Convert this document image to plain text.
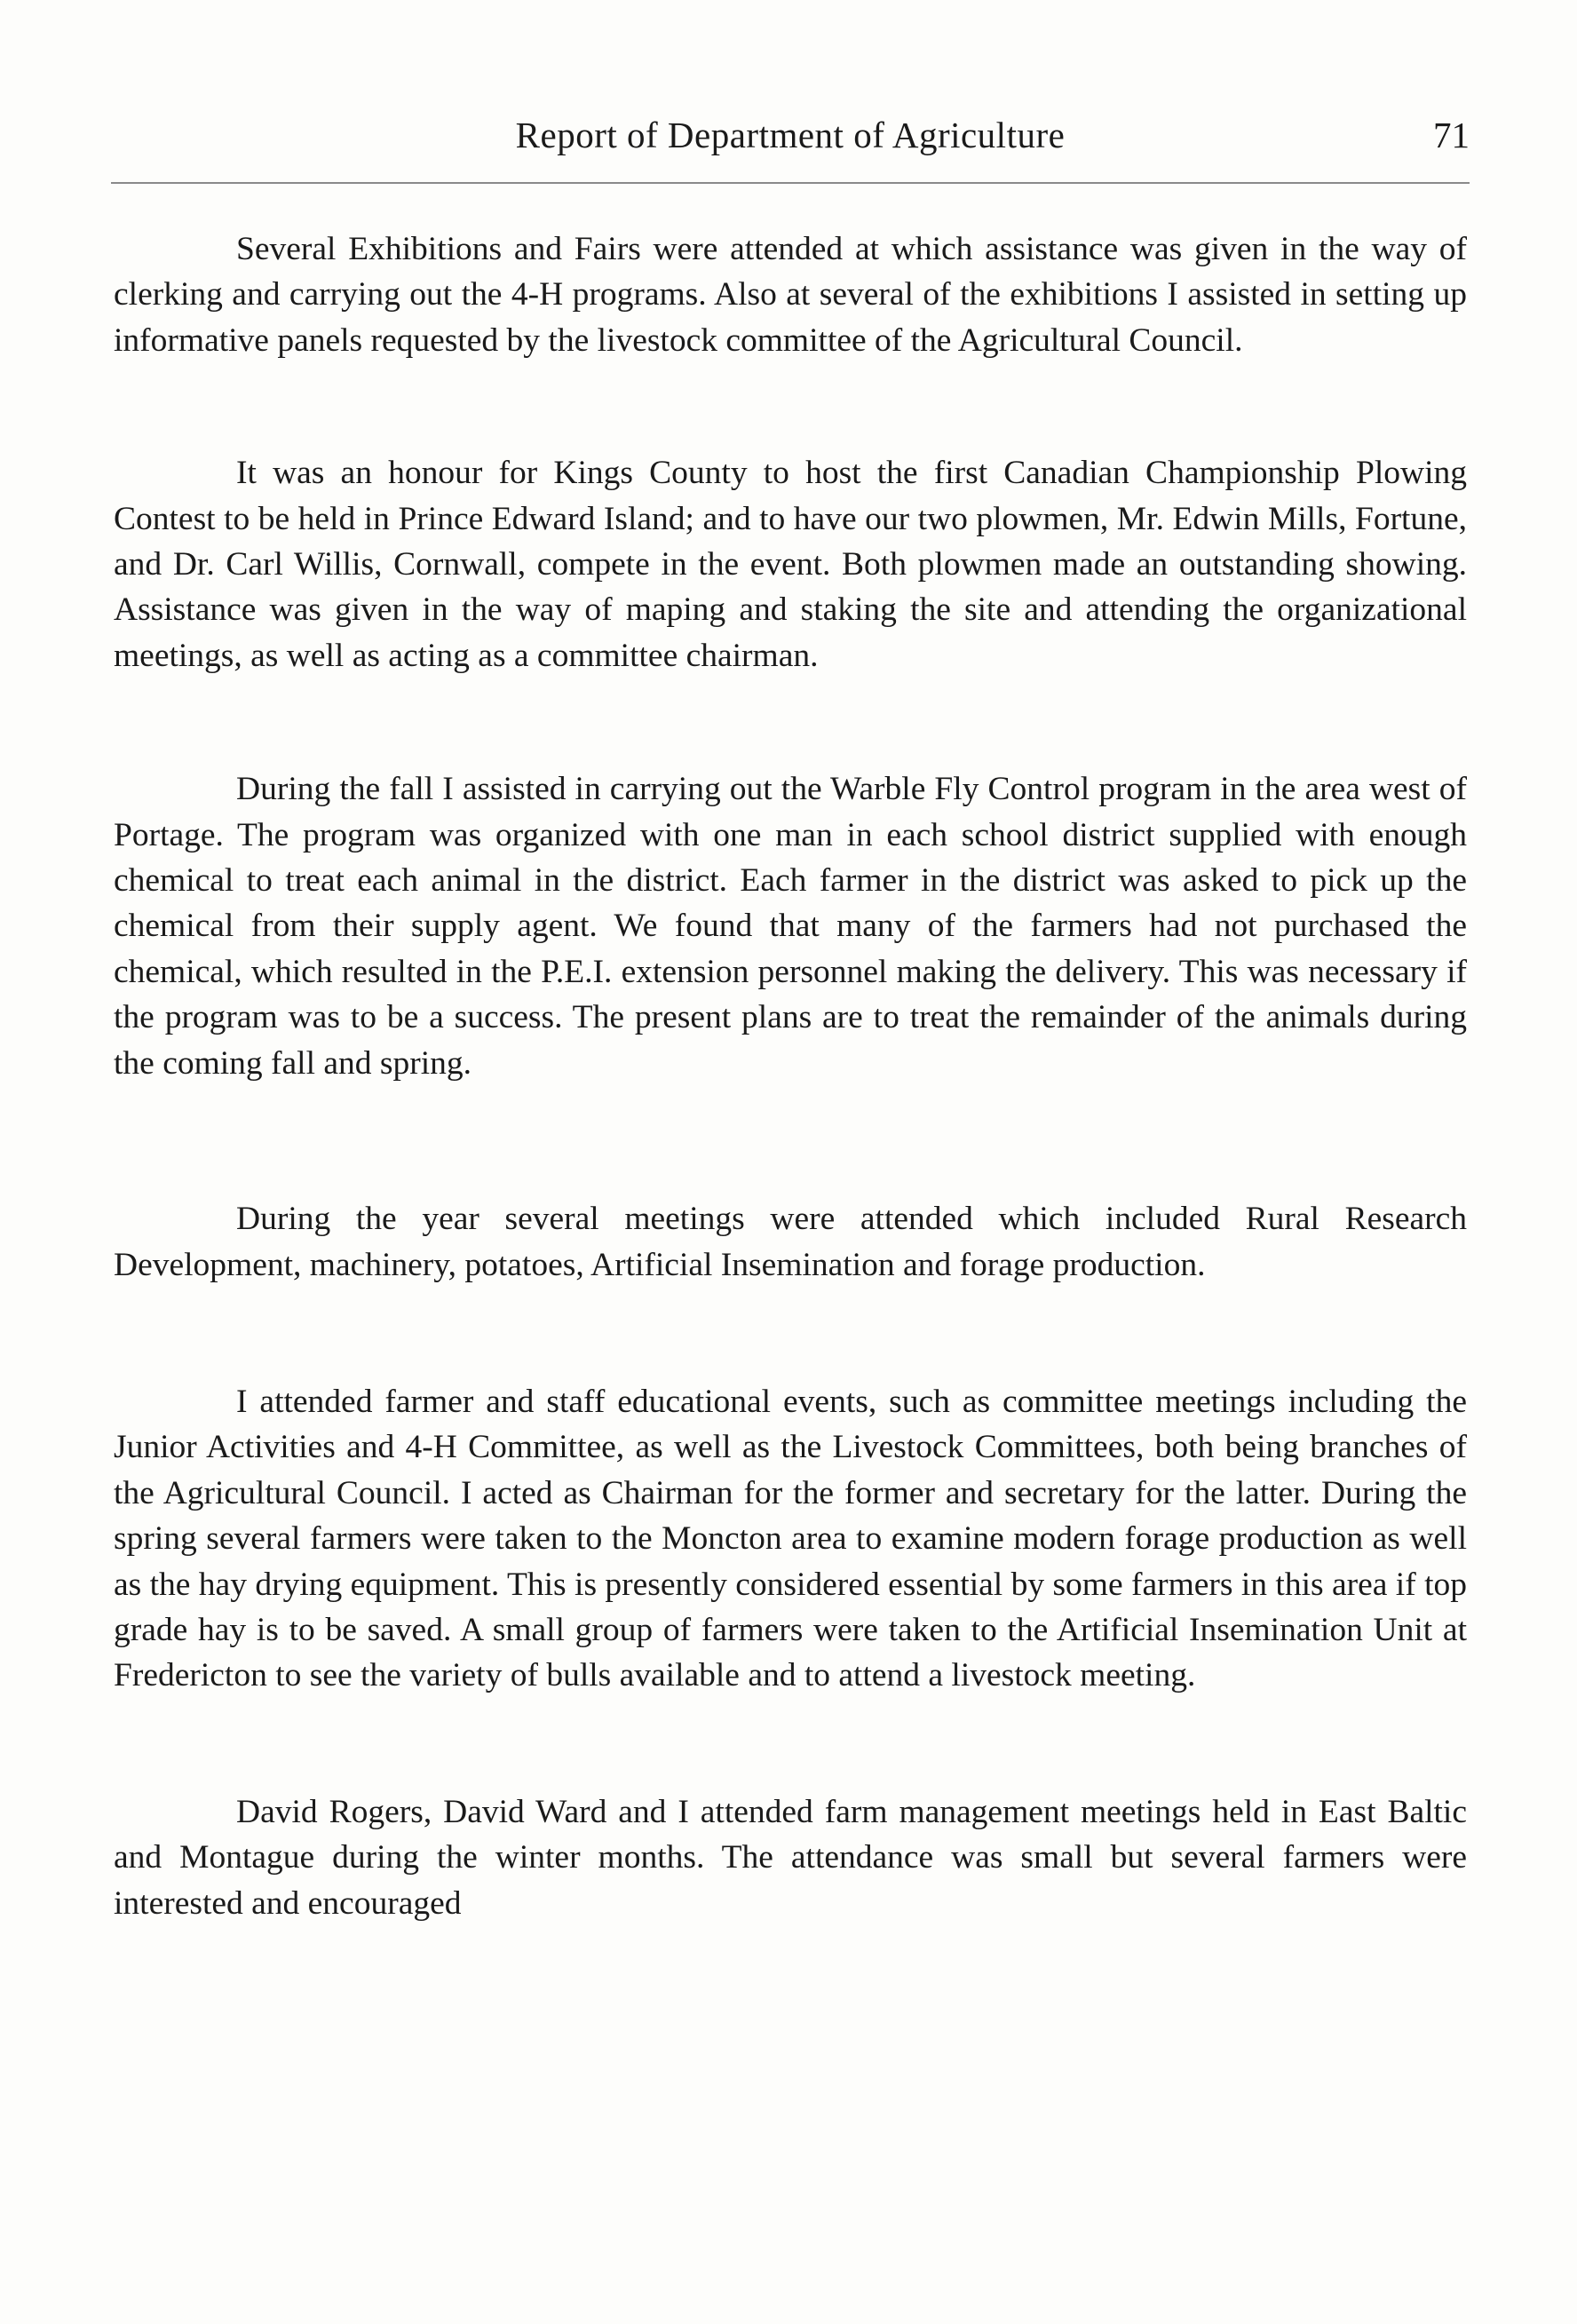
Report of Department of Agriculture	71

Several Exhibitions and Fairs were attended at which assistance was given in the way of clerking and carrying out the 4-H programs. Also at several of the exhibitions I assisted in setting up informative panels requested by the livestock committee of the Agricultural Council.

It was an honour for Kings County to host the first Canadian Championship Plowing Contest to be held in Prince Edward Island; and to have our two plowmen, Mr. Edwin Mills, Fortune, and Dr. Carl Willis, Cornwall, compete in the event. Both plowmen made an outstanding showing. Assistance was given in the way of maping and staking the site and attending the organizational meetings, as well as acting as a committee chairman.

During the fall I assisted in carrying out the Warble Fly Control program in the area west of Portage. The program was organized with one man in each school district supplied with enough chemical to treat each animal in the district. Each farmer in the district was asked to pick up the chemical from their supply agent. We found that many of the farmers had not purchased the chemical, which resulted in the P.E.I. extension personnel making the delivery. This was necessary if the program was to be a success. The present plans are to treat the remainder of the animals during the coming fall and spring.

During the year several meetings were attended which included Rural Research Development, machinery, potatoes, Artificial Insemination and forage production.

I attended farmer and staff educational events, such as committee meetings including the Junior Activities and 4-H Committee, as well as the Livestock Committees, both being branches of the Agricultural Council. I acted as Chairman for the former and secretary for the latter. During the spring several farmers were taken to the Moncton area to examine modern forage production as well as the hay drying equipment. This is presently considered essential by some farmers in this area if top grade hay is to be saved. A small group of farmers were taken to the Artificial Insemination Unit at Fredericton to see the variety of bulls available and to attend a livestock meeting.

David Rogers, David Ward and I attended farm management meetings held in East Baltic and Montague during the winter months. The attendance was small but several farmers were interested and encouraged
